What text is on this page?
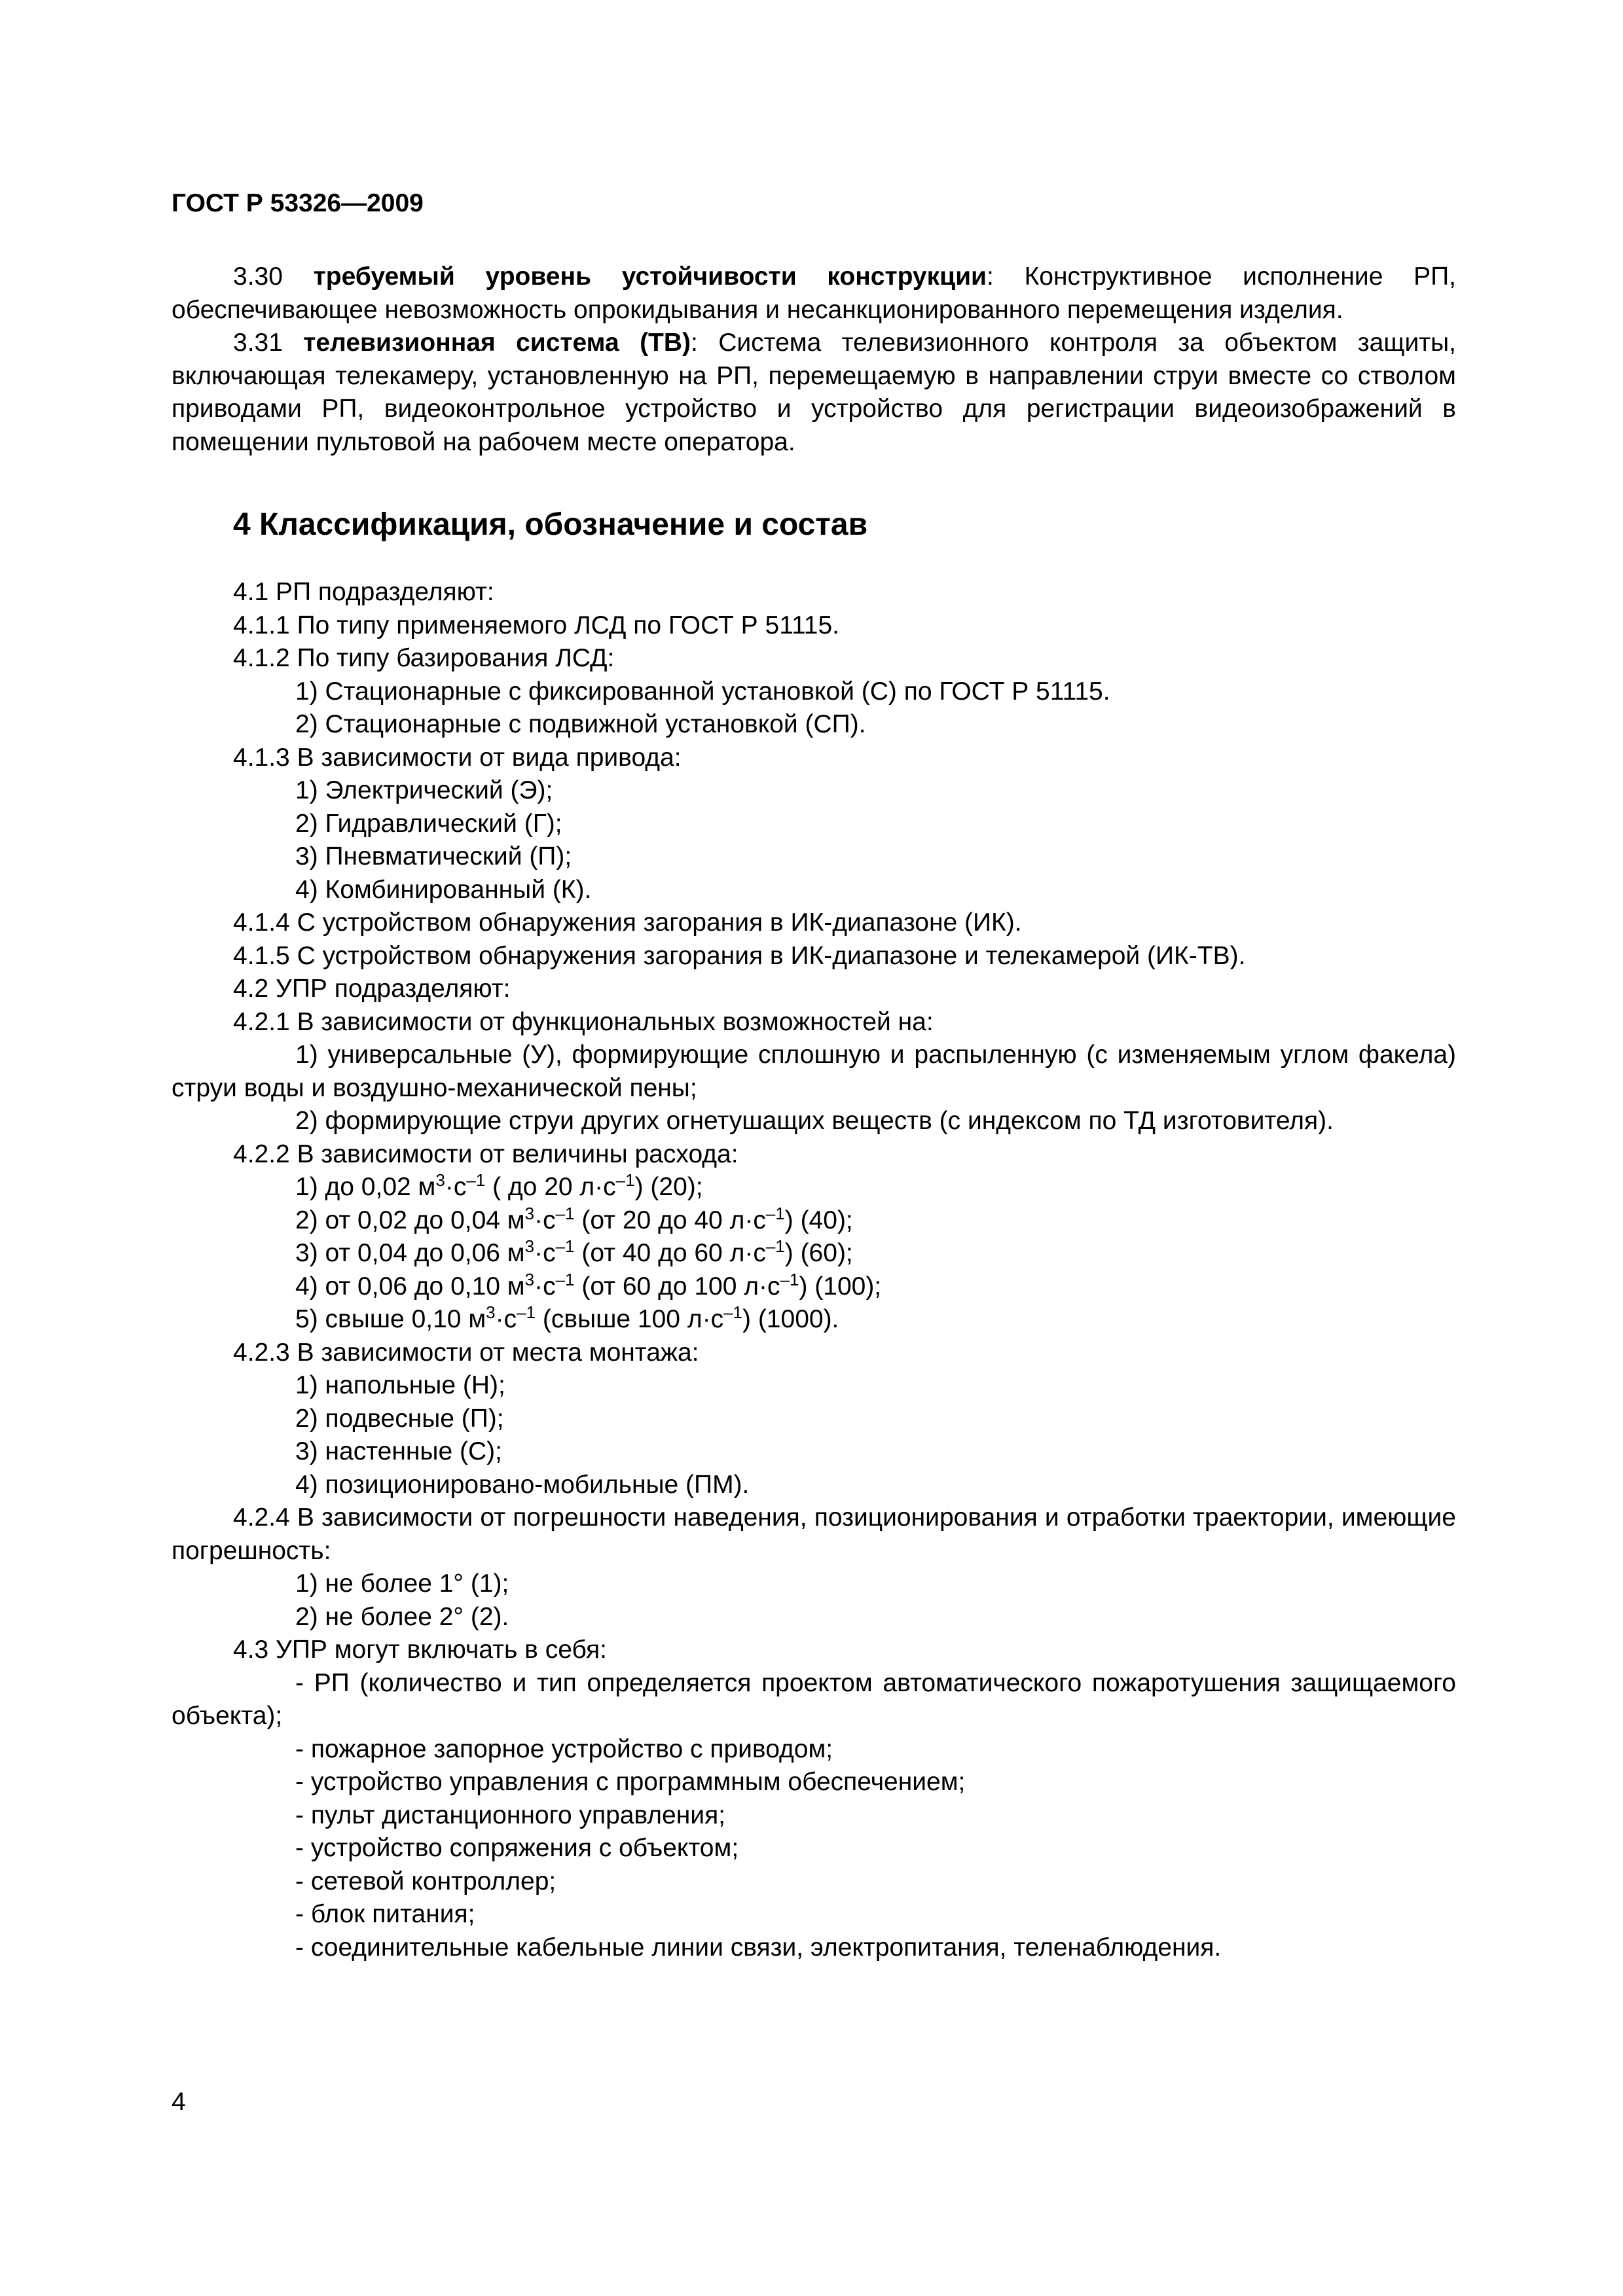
ГОСТ Р 53326—2009

3.30 требуемый уровень устойчивости конструкции: Конструктивное исполнение РП, обеспечивающее невозможность опрокидывания и несанкционированного перемещения изделия.

3.31 телевизионная система (ТВ): Система телевизионного контроля за объектом защиты, включающая телекамеру, установленную на РП, перемещаемую в направлении струи вместе со стволом приводами РП, видеоконтрольное устройство и устройство для регистрации видеоизображений в помещении пультовой на рабочем месте оператора.

4 Классификация, обозначение и состав

4.1 РП подразделяют:

4.1.1 По типу применяемого ЛСД по ГОСТ Р 51115.

4.1.2 По типу базирования ЛСД:

1) Стационарные с фиксированной установкой (С) по ГОСТ Р 51115.

2) Стационарные с подвижной установкой (СП).

4.1.3 В зависимости от вида привода:

1) Электрический (Э);

2) Гидравлический (Г);

3) Пневматический (П);

4) Комбинированный (К).

4.1.4 С устройством обнаружения загорания в ИК-диапазоне (ИК).

4.1.5 С устройством обнаружения загорания в ИК-диапазоне и телекамерой (ИК-ТВ).

4.2 УПР подразделяют:

4.2.1 В зависимости от функциональных возможностей на:

1) универсальные (У), формирующие сплошную и распыленную (с изменяемым углом факела) струи воды и воздушно-механической пены;

2) формирующие струи других огнетушащих веществ (с индексом по ТД изготовителя).

4.2.2 В зависимости от величины расхода:

1) до 0,02 $м^3\cdot с^{-1}$ ( до 20 $л\cdot с^{-1}$) (20);

2) от 0,02 до 0,04 $м^3\cdot с^{-1}$ (от 20 до 40 $л\cdot с^{-1}$) (40);

3) от 0,04 до 0,06 $м^3\cdot с^{-1}$ (от 40 до 60 $л\cdot с^{-1}$) (60);

4) от 0,06 до 0,10 $м^3\cdot с^{-1}$ (от 60 до 100 $л\cdot с^{-1}$) (100);

5) свыше 0,10 $м^3\cdot с^{-1}$ (свыше 100 $л\cdot с^{-1}$) (1000).

4.2.3 В зависимости от места монтажа:

1) напольные (Н);

2) подвесные (П);

3) настенные (С);

4) позиционировано-мобильные (ПМ).

4.2.4 В зависимости от погрешности наведения, позиционирования и отработки траектории, имеющие погрешность:

1) не более 1° (1);

2) не более 2° (2).

4.3 УПР могут включать в себя:

- РП (количество и тип определяется проектом автоматического пожаротушения защищаемого объекта);

- пожарное запорное устройство с приводом;

- устройство управления с программным обеспечением;

- пульт дистанционного управления;

- устройство сопряжения с объектом;

- сетевой контроллер;

- блок питания;

- соединительные кабельные линии связи, электропитания, теленаблюдения.

4
